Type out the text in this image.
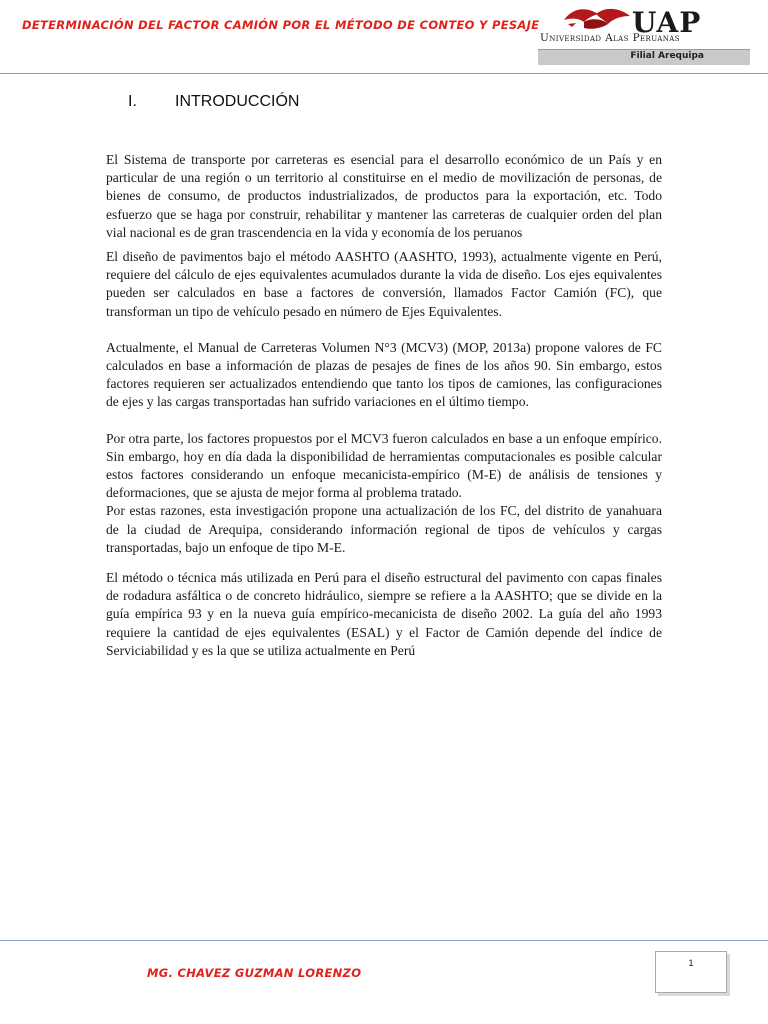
DETERMINACIÓN DEL FACTOR CAMIÓN POR EL MÉTODO DE CONTEO Y PESAJE	UAP
Universidad Alas Peruanas
Filial Arequipa
I. INTRODUCCIÓN

El Sistema de transporte por carreteras es esencial para el desarrollo económico de un País y en particular de una región o un territorio al constituirse en el medio de movilización de personas, de bienes de consumo, de productos industrializados, de productos para la exportación, etc. Todo esfuerzo que se haga por construir, rehabilitar y mantener las carreteras de cualquier orden del plan vial nacional es de gran trascendencia en la vida y economía de los peruanos

El diseño de pavimentos bajo el método AASHTO (AASHTO, 1993), actualmente vigente en Perú, requiere del cálculo de ejes equivalentes acumulados durante la vida de diseño. Los ejes equivalentes pueden ser calculados en base a factores de conversión, llamados Factor Camión (FC), que transforman un tipo de vehículo pesado en número de Ejes Equivalentes.

Actualmente, el Manual de Carreteras Volumen N°3 (MCV3) (MOP, 2013a) propone valores de FC calculados en base a información de plazas de pesajes de fines de los años 90. Sin embargo, estos factores requieren ser actualizados entendiendo que tanto los tipos de camiones, las configuraciones de ejes y las cargas transportadas han sufrido variaciones en el último tiempo.

Por otra parte, los factores propuestos por el MCV3 fueron calculados en base a un enfoque empírico. Sin embargo, hoy en día dada la disponibilidad de herramientas computacionales es posible calcular estos factores considerando un enfoque mecanicista-empírico (M-E) de análisis de tensiones y deformaciones, que se ajusta de mejor forma al problema tratado.

Por estas razones, esta investigación propone una actualización de los FC, del distrito de yanahuara de la ciudad de Arequipa, considerando información regional de tipos de vehículos y cargas transportadas, bajo un enfoque de tipo M-E.

El método o técnica más utilizada en Perú para el diseño estructural del pavimento con capas finales de rodadura asfáltica o de concreto hidráulico, siempre se refiere a la AASHTO; que se divide en la guía empírica 93 y en la nueva guía empírico-mecanicista de diseño 2002. La guía del año 1993 requiere la cantidad de ejes equivalentes (ESAL) y el Factor de Camión depende del índice de Serviciabilidad y es la que se utiliza actualmente en Perú

MG. CHAVEZ GUZMAN LORENZO
1
